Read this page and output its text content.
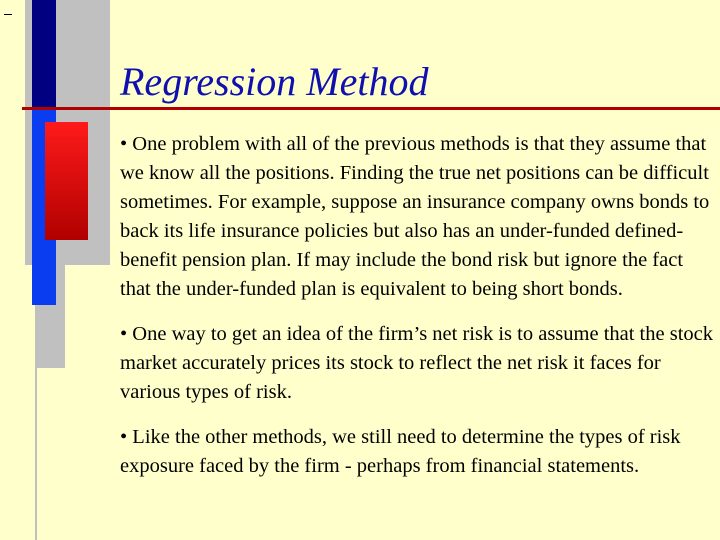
Regression Method

• One problem with all of the previous methods is that they assume that we know all the positions. Finding the true net positions can be difficult sometimes. For example, suppose an insurance company owns bonds to back its life insurance policies but also has an under-funded defined-benefit pension plan. If may include the bond risk but ignore the fact that the under-funded plan is equivalent to being short bonds.

• One way to get an idea of the firm’s net risk is to assume that the stock market accurately prices its stock to reflect the net risk it faces for various types of risk.

• Like the other methods, we still need to determine the types of risk exposure faced by the firm - perhaps from financial statements.
